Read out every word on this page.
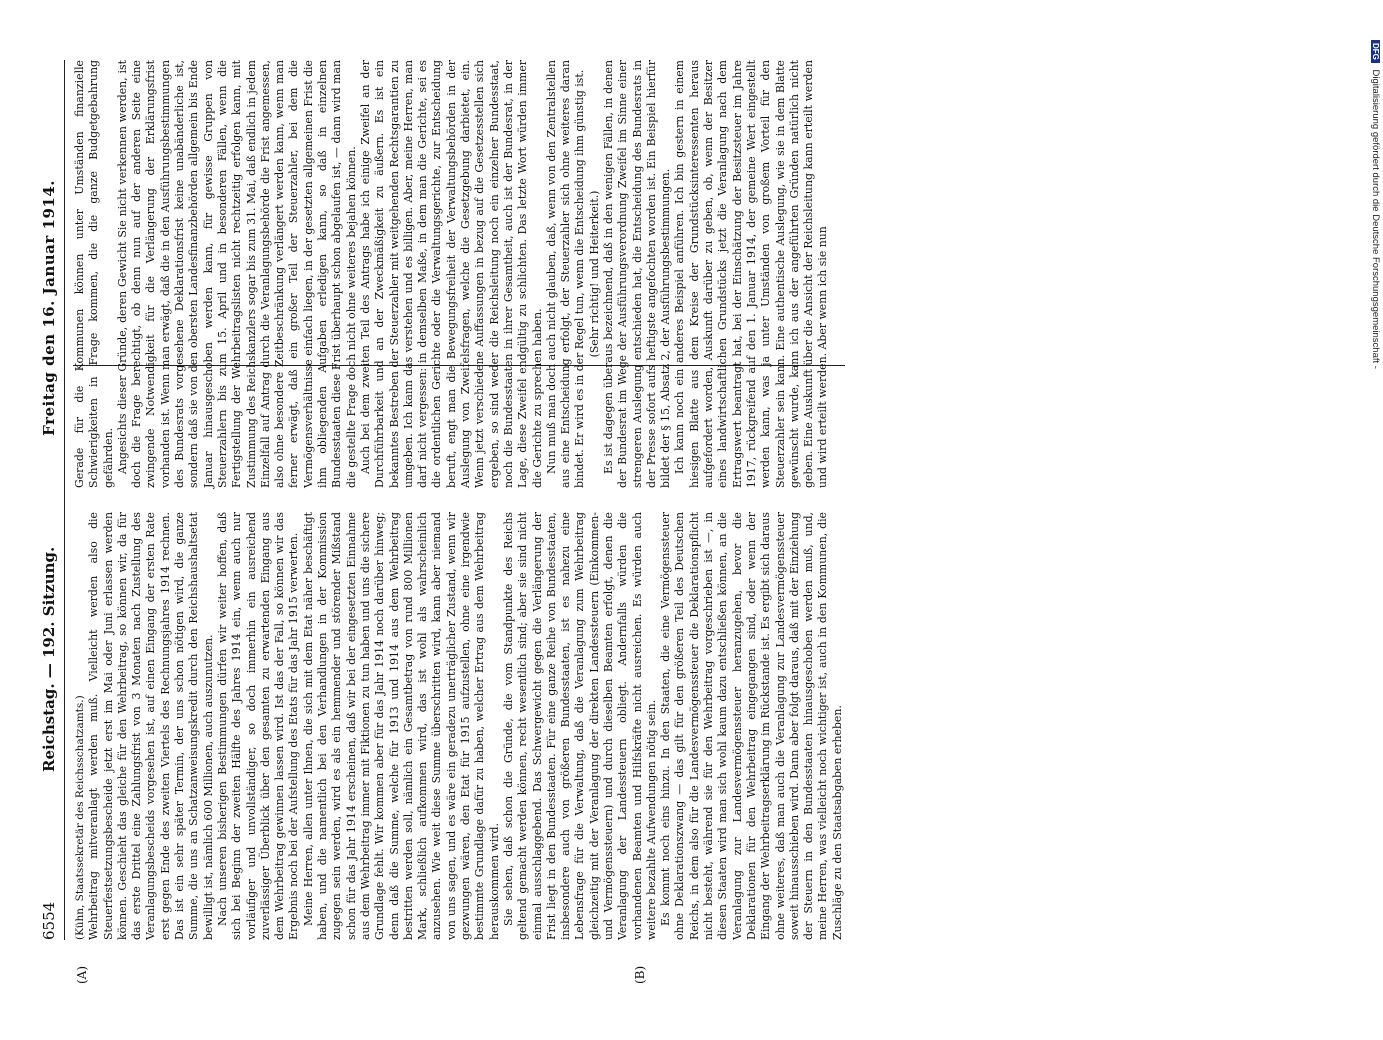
6554
Reichstag. — 192. Sitzung.
Freitag den 16. Januar 1914.
(A)	(B)

(Kühn, Staatssekretär des Reichsschatzamts.) Wehrbeitrag mitveranlagt werden muß. Vielleicht werden also die Steuerfestsetzungsbescheide jetzt erst im Mai oder Juni erlassen werden können. Geschieht das gleiche für den Wehrbeitrag, so können wir, da für das erste Drittel eine Zahlungsfrist von 3 Monaten nach Zustellung des Veranlagungsbescheids vorgesehen ist, auf einen Eingang der ersten Rate erst gegen Ende des zweiten Viertels des Rechnungsjahres 1914 rechnen. Das ist ein sehr später Termin, der uns schon nötigen wird, die ganze Summe, die uns an Schatzanweisungskredit durch den Reichshaushaltsetat bewilligt ist, nämlich 600 Millionen, auch auszunutzen. Nach unseren bisherigen Bestimmungen dürfen wir weiter hoffen, daß sich bei Beginn der zweiten Hälfte des Jahres 1914 ein, wenn auch nur vorläufiger und unvollständiger, so doch immerhin ein ausreichend zuverlässiger Überblick über den gesamten zu erwartenden Eingang aus dem Wehrbeitrag gewinnen lassen wird. Ist das der Fall, so können wir das Ergebnis noch bei der Aufstellung des Etats für das Jahr 1915 verwerten. Meine Herren, allen unter Ihnen, die sich mit dem Etat näher beschäftigt haben, und die namentlich bei den Verhandlungen in der Kommission zugegen sein werden, wird es als ein hemmender und störender Mißstand schon für das Jahr 1914 erscheinen, daß wir bei der eingesetzten Einnahme aus dem Wehrbeitrag immer mit Fiktionen zu tun haben und uns die sichere Grundlage fehlt. Wir kommen aber für das Jahr 1914 noch darüber hinweg; denn daß die Summe, welche für 1913 und 1914 aus dem Wehrbeitrag bestritten werden soll, nämlich ein Gesamtbetrag von rund 800 Millionen Mark, schließlich aufkommen wird, das ist wohl als wahrscheinlich anzusehen. Wie weit diese Summe überschritten wird, kann aber niemand von uns sagen, und es wäre ein geradezu unerträglicher Zustand, wenn wir gezwungen wären, den Etat für 1915 aufzustellen, ohne eine irgendwie bestimmte Grundlage dafür zu haben, welcher Ertrag aus dem Wehrbeitrag herauskommen wird. Sie sehen, daß schon die Gründe, die vom Standpunkte des Reichs geltend gemacht werden können, recht wesentlich sind; aber sie sind nicht einmal ausschlaggebend. Das Schwergewicht gegen die Verlängerung der Frist liegt in den Bundesstaaten. Für eine ganze Reihe von Bundesstaaten, insbesondere auch von größeren Bundesstaaten, ist es nahezu eine Lebensfrage für die Verwaltung, daß die Veranlagung zum Wehrbeitrag gleichzeitig mit der Veranlagung der direkten Landessteuern (Einkommen- und Vermögenssteuern) und durch dieselben Beamten erfolgt, denen die Veranlagung der Landessteuern obliegt. Andernfalls würden die vorhandenen Beamten und Hilfskräfte nicht ausreichen. Es würden auch weitere bezahlte Aufwendungen nötig sein. Es kommt noch eins hinzu. In den Staaten, die eine Vermögenssteuer ohne Deklarationszwang — das gilt für den größeren Teil des Deutschen Reichs, in dem also für die Landesvermögenssteuer die Deklarationspflicht nicht besteht, während sie für den Wehrbeitrag vorgeschrieben ist —, in diesen Staaten wird man sich wohl kaum dazu entschließen können, an die Veranlagung zur Landesvermögenssteuer heranzugehen, bevor die Deklarationen für den Wehrbeitrag eingegangen sind, oder wenn der Eingang der Wehrbeitragserklärung im Rückstande ist. Es ergibt sich daraus ohne weiteres, daß man auch die Veranlagung zur Landesvermögenssteuer soweit hinausschieben wird. Dann aber folgt daraus, daß mit der Einziehung der Steuern in den Bundesstaaten hinausgeschoben werden muß, und, meine Herren, was vielleicht noch wichtiger ist, auch in den Kommunen, die Zuschläge zu den Staatsabgaben erheben.

Gerade für die Kommunen können unter Umständen finanzielle Schwierigkeiten in Frage kommen, die die ganze Budgetgebahrung gefährden. Angesichts dieser Gründe, deren Gewicht Sie nicht verkennen werden, ist doch die Frage berechtigt, ob denn nun auf der anderen Seite eine zwingende Notwendigkeit für die Verlängerung der Erklärungsfrist vorhanden ist. Wenn man erwägt, daß die in den Ausführungsbestimmungen des Bundesrats vorgesehene Deklarationsfrist keine unabänderliche ist, sondern daß sie von den obersten Landesfinanzbehörden allgemein bis Ende Januar hinausgeschoben werden kann, für gewisse Gruppen von Steuerzahlern bis zum 15. April und in besonderen Fällen, wenn die Fertigstellung der Wehrbeitragslisten nicht rechtzeitig erfolgen kann, mit Zustimmung des Reichskanzlers sogar bis zum 31. Mai, daß endlich in jedem Einzelfall auf Antrag durch die Veranlagungsbehörde die Frist angemessen, also ohne besondere Zeitbeschränkung verlängert werden kann, wenn man ferner erwägt, daß ein großer Teil der Steuerzahler, bei dem die Vermögensverhältnisse einfach liegen, in der gesetzten allgemeinen Frist die ihm obliegenden Aufgaben erledigen kann, so daß in einzelnen Bundesstaaten diese Frist überhaupt schon abgelaufen ist, — dann wird man die gestellte Frage doch nicht ohne weiteres bejahen können. Auch bei dem zweiten Teil des Antrags habe ich einige Zweifel an der Durchführbarkeit und an der Zweckmäßigkeit zu äußern. Es ist ein bekanntes Bestreben der Steuerzahler mit weitgehenden Rechtsgarantien zu umgeben. Ich kann das verstehen und es billigen. Aber, meine Herren, man darf nicht vergessen: in demselben Maße, in dem man die Gerichte, sei es die ordentlichen Gerichte oder die Verwaltungsgerichte, zur Entscheidung beruft, engt man die Bewegungsfreiheit der Verwaltungsbehörden in der Auslegung von Zweifelsfragen, welche die Gesetzgebung darbietet, ein. Wenn jetzt verschiedene Auffassungen in bezug auf die Gesetzesstellen sich ergeben, so sind weder die Reichsleitung noch ein einzelner Bundesstaat, noch die Bundesstaaten in ihrer Gesamtheit, auch ist der Bundesrat, in der Lage, diese Zweifel endgültig zu schlichten. Das letzte Wort würden immer die Gerichte zu sprechen haben. Nun muß man doch auch nicht glauben, daß, wenn von den Zentralstellen aus eine Entscheidung erfolgt, der Steuerzahler sich ohne weiteres daran bindet. Er wird es in der Regel tun, wenn die Entscheidung ihm günstig ist. (Sehr richtig! und Heiterkeit.) Es ist dagegen überaus bezeichnend, daß in den wenigen Fällen, in denen der Bundesrat im Wege der Ausführungsverordnung Zweifel im Sinne einer strengeren Auslegung entschieden hat, die Entscheidung des Bundesrats in der Presse sofort aufs heftigste angefochten worden ist. Ein Beispiel hierfür bildet der § 15, Absatz 2, der Ausführungsbestimmungen. Ich kann noch ein anderes Beispiel anführen. Ich bin gestern in einem hiesigen Blatte aus dem Kreise der Grundstücksinteressenten heraus aufgefordert worden, Auskunft darüber zu geben, ob, wenn der Besitzer eines landwirtschaftlichen Grundstücks jetzt die Veranlagung nach dem Ertragswert beantragt hat, bei der Einschätzung der Besitzsteuer im Jahre 1917, rückgreifend auf den 1. Januar 1914, der gemeine Wert eingestellt werden kann, was ja unter Umständen von großem Vorteil für den Steuerzahler sein kann. Eine authentische Auslegung, wie sie in dem Blatte gewünscht wurde, kann ich aus der angeführten Gründen natürlich nicht geben. Eine Auskunft über die Ansicht der Reichsleitung kann erteilt werden und wird erteilt werden. Aber wenn ich sie nun

DFG Digitalisierung gefördert durch die Deutsche Forschungsgemeinschaft -
